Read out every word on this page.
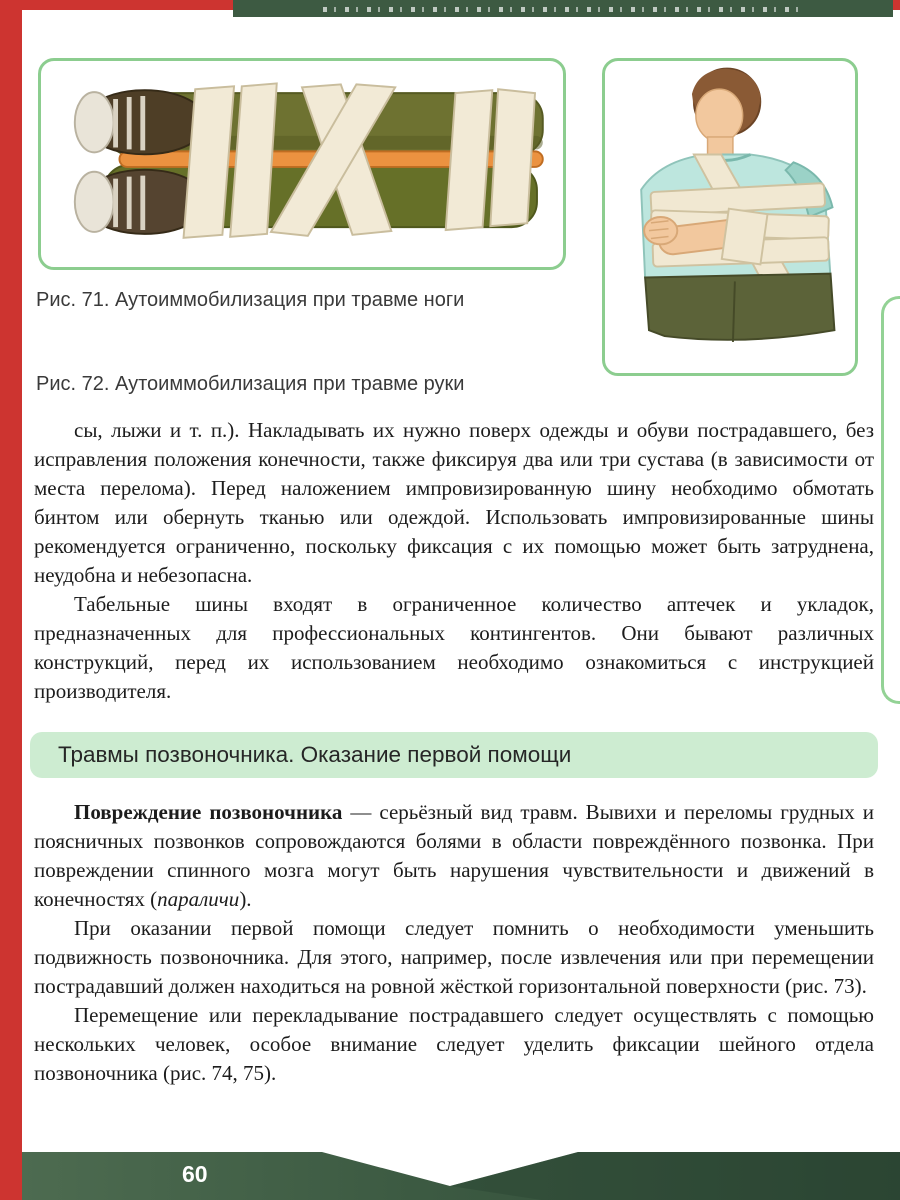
Рис. 71. Аутоиммобилизация при травме ноги
Рис. 72. Аутоиммобилизация при травме руки

сы, лыжи и т. п.). Накладывать их нужно поверх одежды и обуви пострадавшего, без исправления положения конечности, также фиксируя два или три сустава (в зависимости от места перелома). Перед наложением импровизированную шину необходимо обмотать бинтом или обернуть тканью или одеждой. Использовать импровизированные шины рекомендуется ограниченно, поскольку фиксация с их помощью может быть затруднена, неудобна и небезопасна.

Табельные шины входят в ограниченное количество аптечек и укладок, предназначенных для профессиональных контингентов. Они бывают различных конструкций, перед их использованием необходимо ознакомиться с инструкцией производителя.

Травмы позвоночника. Оказание первой помощи

Повреждение позвоночника — серьёзный вид травм. Вывихи и переломы грудных и поясничных позвонков сопровождаются болями в области повреждённого позвонка. При повреждении спинного мозга могут быть нарушения чувствительности и движений в конечностях (параличи).

При оказании первой помощи следует помнить о необходимости уменьшить подвижность позвоночника. Для этого, например, после извлечения или при перемещении пострадавший должен находиться на ровной жёсткой горизонтальной поверхности (рис. 73).

Перемещение или перекладывание пострадавшего следует осуществлять с помощью нескольких человек, особое внимание следует уделить фиксации шейного отдела позвоночника (рис. 74, 75).

60
